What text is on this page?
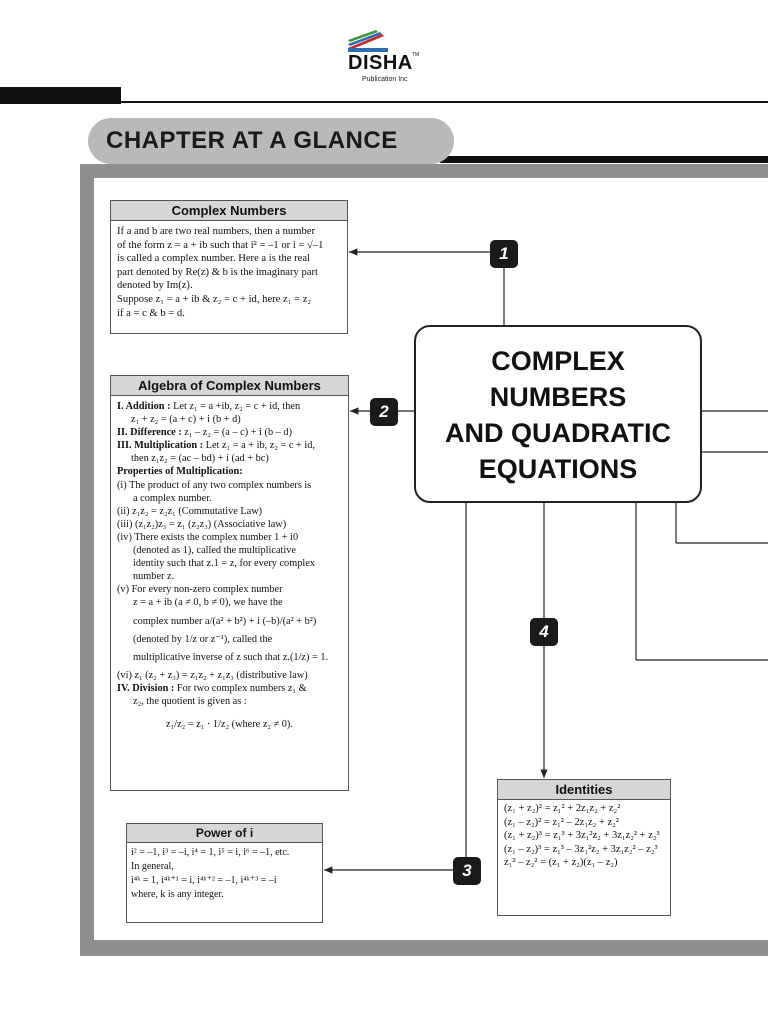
DISHA TM
Publication Inc
CHAPTER AT A GLANCE
COMPLEX
NUMBERS
AND QUADRATIC
EQUATIONS
1
2
3
4
Complex Numbers

If a and b are two real numbers, then a number

of the form z = a + ib such that i² = –1 or i = √–1

is called a complex number. Here a is the real

part denoted by Re(z) & b is the imaginary part

denoted by Im(z).

Suppose z₁ = a + ib & z₂ = c + id, here z₁ = z₂

if a = c & b = d.

Algebra of Complex Numbers

I. Addition : Let z₁ = a +ib, z₂ = c + id, then

z₁ + z₂ = (a + c) + i (b + d)

II. Difference : z₁ – z₂ = (a – c) + i (b – d)

III. Multiplication : Let z₁ = a + ib, z₂ = c + id,

then z₁z₂ = (ac – bd) + i (ad + bc)

Properties of Multiplication:

(i) The product of any two complex numbers is

a complex number.

(ii) z₁z₂ = z₂z₁ (Commutative Law)

(iii) (z₁z₂)z₃ = z₁ (z₂z₃) (Associative law)

(iv) There exists the complex number 1 + i0

(denoted as 1), called the multiplicative

identity such that z.1 = z, for every complex

number z.

(v) For every non-zero complex number

z = a + ib (a ≠ 0, b ≠ 0), we have the

complex number a/(a² + b²) + i (–b)/(a² + b²)

(denoted by 1/z or z⁻¹), called the

multiplicative inverse of z such that z.(1/z) = 1.

(vi) z₁ (z₂ + z₃) = z₁z₂ + z₁z₃ (distributive law)

IV. Division : For two complex numbers z₁ &

z₂, the quotient is given as :

z₁/z₂ = z₁ · 1/z₂ (where z₂ ≠ 0).

Power of i

i² = –1, i³ = –i, i⁴ = 1, i⁵ = i, i⁶ = –1, etc.

In general,

i⁴ᵏ = 1, i⁴ᵏ⁺¹ = i, i⁴ᵏ⁺² = –1, i⁴ᵏ⁺³ = –i

where, k is any integer.

Identities

(z₁ + z₂)² = z₁² + 2z₁z₂ + z₂²

(z₁ – z₂)² = z₁² – 2z₁z₂ + z₂²

(z₁ + z₂)³ = z₁³ + 3z₁²z₂ + 3z₁z₂² + z₂³

(z₁ – z₂)³ = z₁³ – 3z₁²z₂ + 3z₁z₂² – z₂³

z₁² – z₂² = (z₁ + z₂)(z₁ – z₂)
